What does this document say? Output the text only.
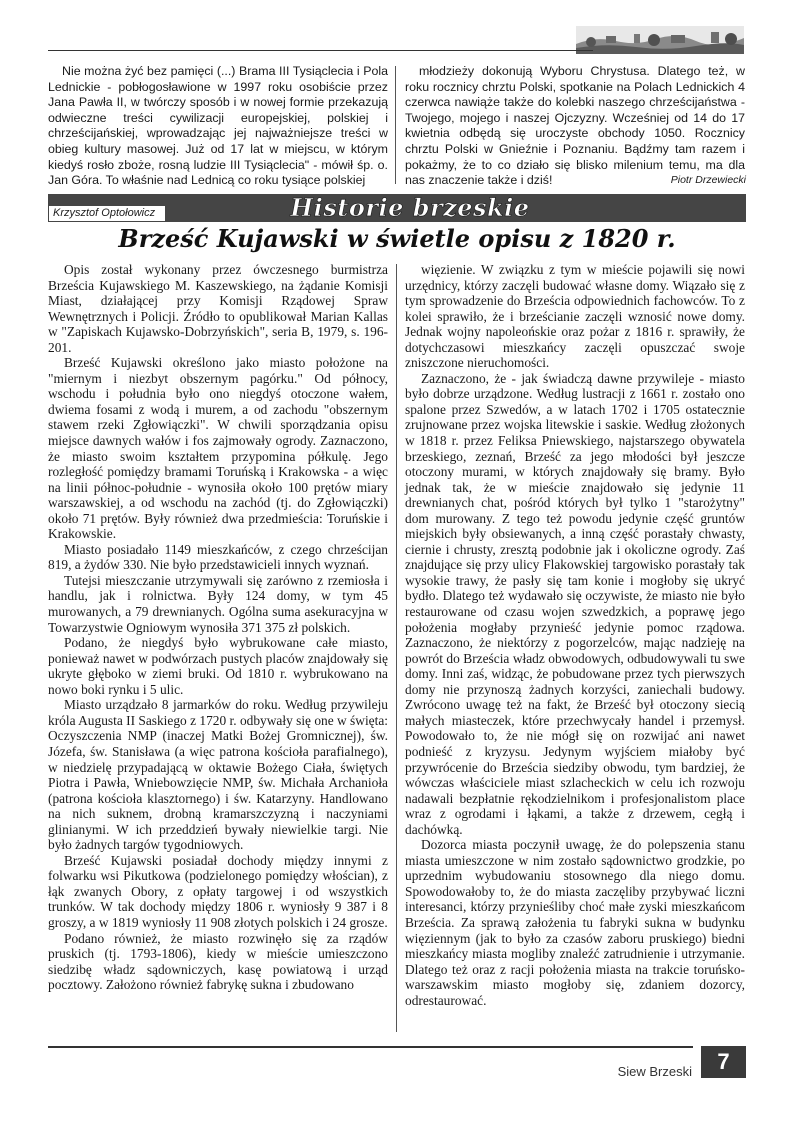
Nie można żyć bez pamięci (...) Brama III Tysiąclecia i Pola Lednickie - pobłogosławione w 1997 roku osobiście przez Jana Pawła II, w twórczy sposób i w nowej formie przekazują odwieczne treści cywilizacji europejskiej, polskiej i chrześcijańskiej, wprowadzając jej najważniejsze treści w obieg kultury masowej. Już od 17 lat w miejscu, w którym kiedyś rosło zboże, rosną ludzie III Tysiąclecia" - mówił śp. o. Jan Góra. To właśnie nad Lednicą co roku tysiące polskiej

młodzieży dokonują Wyboru Chrystusa. Dlatego też, w roku rocznicy chrztu Polski, spotkanie na Polach Lednickich 4 czerwca nawiąże także do kolebki naszego chrześcijaństwa - Twojego, mojego i naszej Ojczyzny. Wcześniej od 14 do 17 kwietnia odbędą się uroczyste obchody 1050. Rocznicy chrztu Polski w Gnieźnie i Poznaniu. Bądźmy tam razem i pokażmy, że to co działo się blisko milenium temu, ma dla nas znaczenie także i dziś!	Piotr Drzewiecki
Krzysztof Optołowicz	Historie brzeskie
Brześć Kujawski w świetle opisu z 1820 r.

Opis został wykonany przez ówczesnego burmistrza Brześcia Kujawskiego M. Kaszewskiego, na żądanie Komisji Miast, działającej przy Komisji Rządowej Spraw Wewnętrznych i Policji. Źródło to opublikował Marian Kallas w "Zapiskach Kujawsko-Dobrzyńskich", seria B, 1979, s. 196-201.

Brześć Kujawski określono jako miasto położone na "miernym i niezbyt obszernym pagórku." Od północy, wschodu i południa było ono niegdyś otoczone wałem, dwiema fosami z wodą i murem, a od zachodu "obszernym stawem rzeki Zgłowiączki". W chwili sporządzania opisu miejsce dawnych wałów i fos zajmowały ogrody. Zaznaczono, że miasto swoim kształtem przypomina półkulę. Jego rozległość pomiędzy bramami Toruńską i Krakowska - a więc na linii północ-południe - wynosiła około 100 prętów miary warszawskiej, a od wschodu na zachód (tj. do Zgłowiączki) około 71 prętów. Były również dwa przedmieścia: Toruńskie i Krakowskie.

Miasto posiadało 1149 mieszkańców, z czego chrześcijan 819, a żydów 330. Nie było przedstawicieli innych wyznań.

Tutejsi mieszczanie utrzymywali się zarówno z rzemiosła i handlu, jak i rolnictwa. Były 124 domy, w tym 45 murowanych, a 79 drewnianych. Ogólna suma asekuracyjna w Towarzystwie Ogniowym wynosiła 371 375 zł polskich.

Podano, że niegdyś było wybrukowane całe miasto, ponieważ nawet w podwórzach pustych placów znajdowały się ukryte głęboko w ziemi bruki. Od 1810 r. wybrukowano na nowo boki rynku i 5 ulic.

Miasto urządzało 8 jarmarków do roku. Według przywileju króla Augusta II Saskiego z 1720 r. odbywały się one w święta: Oczyszczenia NMP (inaczej Matki Bożej Gromnicznej), św. Józefa, św. Stanisława (a więc patrona kościoła parafialnego), w niedzielę przypadającą w oktawie Bożego Ciała, świętych Piotra i Pawła, Wniebowzięcie NMP, św. Michała Archanioła (patrona kościoła klasztornego) i św. Katarzyny. Handlowano na nich suknem, drobną kramarszczyzną i naczyniami glinianymi. W ich przeddzień bywały niewielkie targi. Nie było żadnych targów tygodniowych.

Brześć Kujawski posiadał dochody między innymi z folwarku wsi Pikutkowa (podzielonego pomiędzy włościan), z łąk zwanych Obory, z opłaty targowej i od wszystkich trunków. W tak dochody między 1806 r. wyniosły 9 387 i 8 groszy, a w 1819 wyniosły 11 908 złotych polskich i 24 grosze.

Podano również, że miasto rozwinęło się za rządów pruskich (tj. 1793-1806), kiedy w mieście umieszczono siedzibę władz sądowniczych, kasę powiatową i urząd pocztowy. Założono również fabrykę sukna i zbudowano

więzienie. W związku z tym w mieście pojawili się nowi urzędnicy, którzy zaczęli budować własne domy. Wiązało się z tym sprowadzenie do Brześcia odpowiednich fachowców. To z kolei sprawiło, że i brześcianie zaczęli wznosić nowe domy. Jednak wojny napoleońskie oraz pożar z 1816 r. sprawiły, że dotychczasowi mieszkańcy zaczęli opuszczać swoje zniszczone nieruchomości.

Zaznaczono, że - jak świadczą dawne przywileje - miasto było dobrze urządzone. Według lustracji z 1661 r. zostało ono spalone przez Szwedów, a w latach 1702 i 1705 ostatecznie zrujnowane przez wojska litewskie i saskie. Według złożonych w 1818 r. przez Feliksa Pniewskiego, najstarszego obywatela brzeskiego, zeznań, Brześć za jego młodości był jeszcze otoczony murami, w których znajdowały się bramy. Było jednak tak, że w mieście znajdowało się jedynie 11 drewnianych chat, pośród których był tylko 1 "starożytny" dom murowany. Z tego też powodu jedynie część gruntów miejskich były obsiewanych, a inną część porastały chwasty, ciernie i chrusty, zresztą podobnie jak i okoliczne ogrody. Zaś znajdujące się przy ulicy Flakowskiej targowisko porastały tak wysokie trawy, że pasły się tam konie i mogłoby się ukryć bydło. Dlatego też wydawało się oczywiste, że miasto nie było restaurowane od czasu wojen szwedzkich, a poprawę jego położenia mogłaby przynieść jedynie pomoc rządowa. Zaznaczono, że niektórzy z pogorzelców, mając nadzieję na powrót do Brześcia władz obwodowych, odbudowywali tu swe domy. Inni zaś, widząc, że pobudowane przez tych pierwszych domy nie przynoszą żadnych korzyści, zaniechali budowy. Zwrócono uwagę też na fakt, że Brześć był otoczony siecią małych miasteczek, które przechwycały handel i przemysł. Powodowało to, że nie mógł się on rozwijać ani nawet podnieść z kryzysu. Jedynym wyjściem miałoby być przywrócenie do Brześcia siedziby obwodu, tym bardziej, że wówczas właściciele miast szlacheckich w celu ich rozwoju nadawali bezpłatnie rękodzielnikom i profesjonalistom place wraz z ogrodami i łąkami, a także z drzewem, cegłą i dachówką.

Dozorca miasta poczynił uwagę, że do polepszenia stanu miasta umieszczone w nim zostało sądownictwo grodzkie, po uprzednim wybudowaniu stosownego dla niego domu. Spowodowałoby to, że do miasta zaczęliby przybywać liczni interesanci, którzy przynieśliby choć małe zyski mieszkańcom Brześcia. Za sprawą założenia tu fabryki sukna w budynku więziennym (jak to było za czasów zaboru pruskiego) biedni mieszkańcy miasta mogliby znaleźć zatrudnienie i utrzymanie. Dlatego też oraz z racji położenia miasta na trakcie toruńsko-warszawskim miasto mogłoby się, zdaniem dozorcy, odrestaurować.

Siew Brzeski	7
